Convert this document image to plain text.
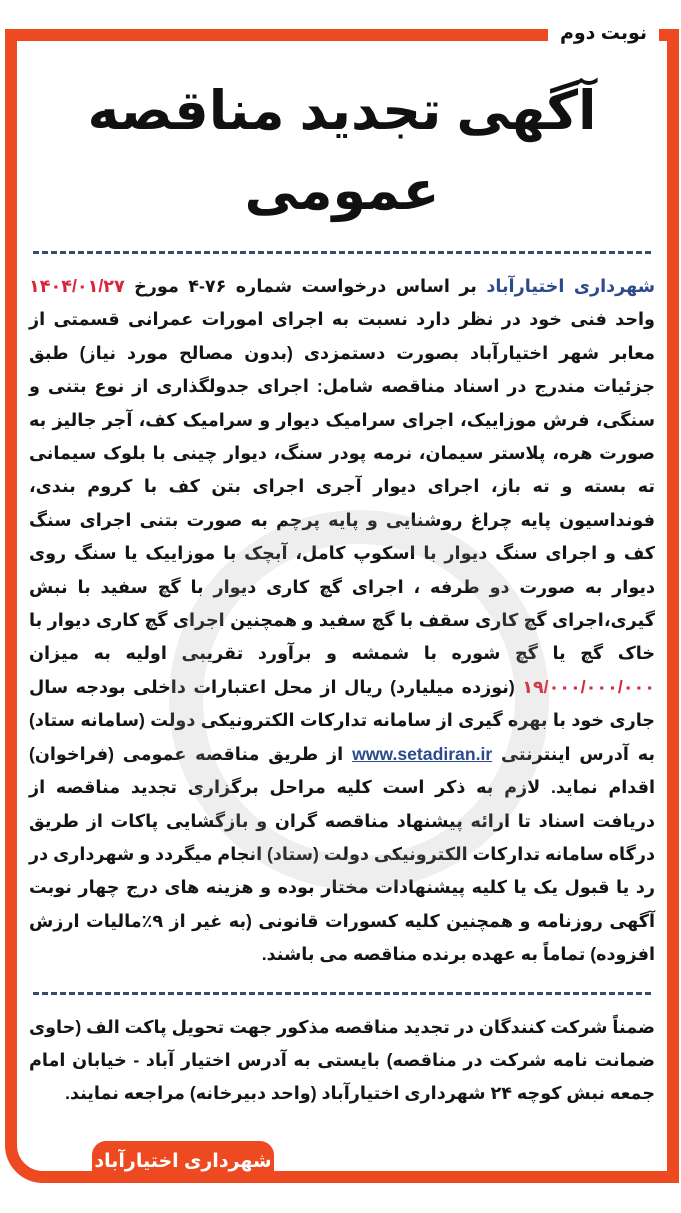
نوبت دوم
آگهی تجدید مناقصه عمومی
شهرداری اختیارآباد بر اساس درخواست شماره ۷۶-۴ مورخ ۱۴۰۴/۰۱/۲۷ واحد فنی خود در نظر دارد نسبت به اجرای امورات عمرانی قسمتی از معابر شهر اختیارآباد بصورت دستمزدی (بدون مصالح مورد نیاز) طبق جزئیات مندرج در اسناد مناقصه شامل: اجرای جدولگذاری از نوع بتنی و سنگی، فرش موزاییک، اجرای سرامیک دیوار و سرامیک کف، آجر جالیز به صورت هره، پلاستر سیمان، نرمه پودر سنگ، دیوار چینی با بلوک سیمانی ته بسته و ته باز، اجرای دیوار آجری اجرای بتن کف با کروم بندی، فونداسیون پایه چراغ روشنایی و پایه پرچم به صورت بتنی اجرای سنگ کف و اجرای سنگ دیوار با اسکوپ کامل، آبچک با موزاییک یا سنگ روی دیوار به صورت دو طرفه ، اجرای گچ کاری دیوار با گچ سفید با نبش گیری،اجرای گچ کاری سقف با گچ سفید و همچنین اجرای گچ کاری دیوار با خاک گچ یا گچ شوره با شمشه و برآورد تقریبی اولیه به میزان ۱۹/۰۰۰/۰۰۰/۰۰۰ (نوزده میلیارد) ریال از محل اعتبارات داخلی بودجه سال جاری خود با بهره گیری از سامانه تدارکات الکترونیکی دولت (سامانه ستاد) به آدرس اینترنتی www.setadiran.ir از طریق مناقصه عمومی (فراخوان) اقدام نماید. لازم به ذکر است کلیه مراحل برگزاری تجدید مناقصه از دریافت اسناد تا ارائه پیشنهاد مناقصه گران و بازگشایی پاکات از طریق درگاه سامانه تدارکات الکترونیکی دولت (ستاد) انجام میگردد و شهرداری در رد یا قبول یک یا کلیه پیشنهادات مختار بوده و هزینه های درج چهار نوبت آگهی روزنامه و همچنین کلیه کسورات قانونی (به غیر از ۹٪مالیات ارزش افزوده) تماماً به عهده برنده مناقصه می باشند.
ضمناً شرکت کنندگان در تجدید مناقصه مذکور جهت تحویل پاکت الف (حاوی ضمانت نامه شرکت در مناقصه) بایستی به آدرس اختیار آباد - خیابان امام جمعه نبش کوچه ۲۴ شهرداری اختیارآباد (واحد دبیرخانه) مراجعه نمایند.
شهرداری اختیارآباد
